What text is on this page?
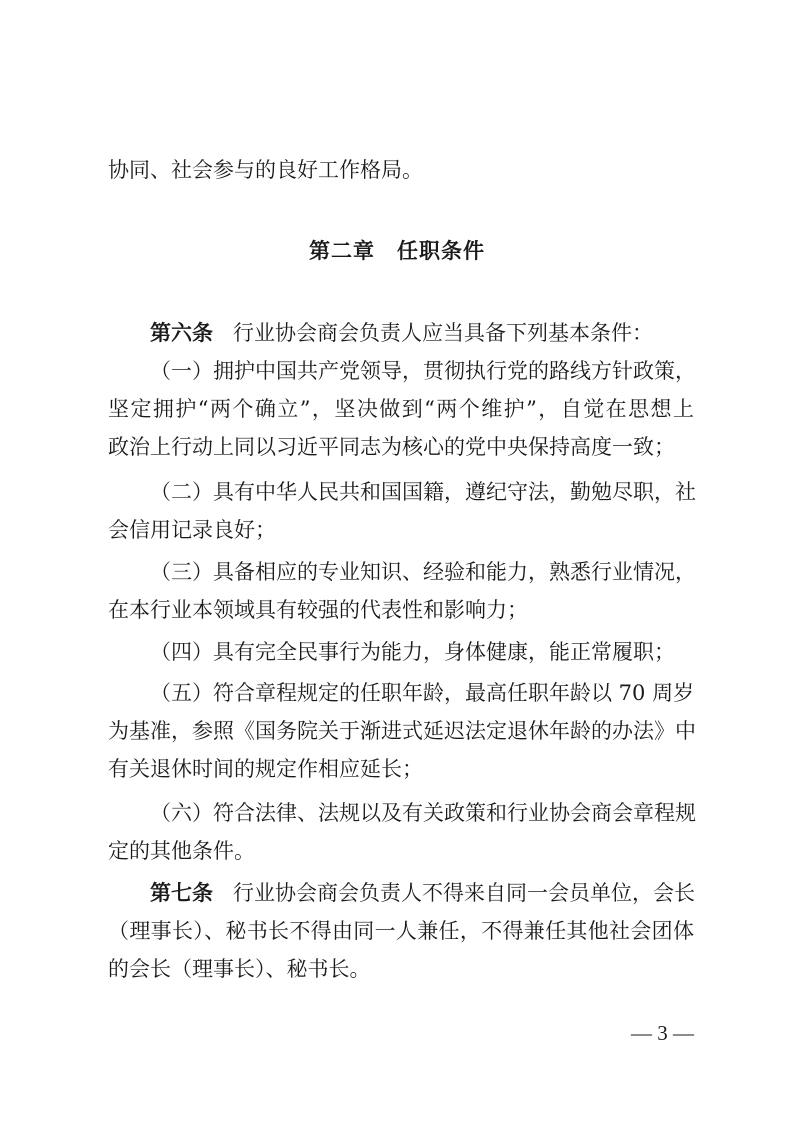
协同、社会参与的良好工作格局。
第二章　任职条件
第六条 行业协会商会负责人应当具备下列基本条件：
（一）拥护中国共产党领导，贯彻执行党的路线方针政策，
坚定拥护“两个确立”，坚决做到“两个维护”，自觉在思想上
政治上行动上同以习近平同志为核心的党中央保持高度一致；
（二）具有中华人民共和国国籍，遵纪守法，勤勉尽职，社
会信用记录良好；
（三）具备相应的专业知识、经验和能力，熟悉行业情况，
在本行业本领域具有较强的代表性和影响力；
（四）具有完全民事行为能力，身体健康，能正常履职；
（五）符合章程规定的任职年龄，最高任职年龄以 70 周岁
为基准，参照《国务院关于渐进式延迟法定退休年龄的办法》中
有关退休时间的规定作相应延长；
（六）符合法律、法规以及有关政策和行业协会商会章程规
定的其他条件。
第七条 行业协会商会负责人不得来自同一会员单位，会长
（理事长）、秘书长不得由同一人兼任，不得兼任其他社会团体
的会长（理事长）、秘书长。
— 3 —
